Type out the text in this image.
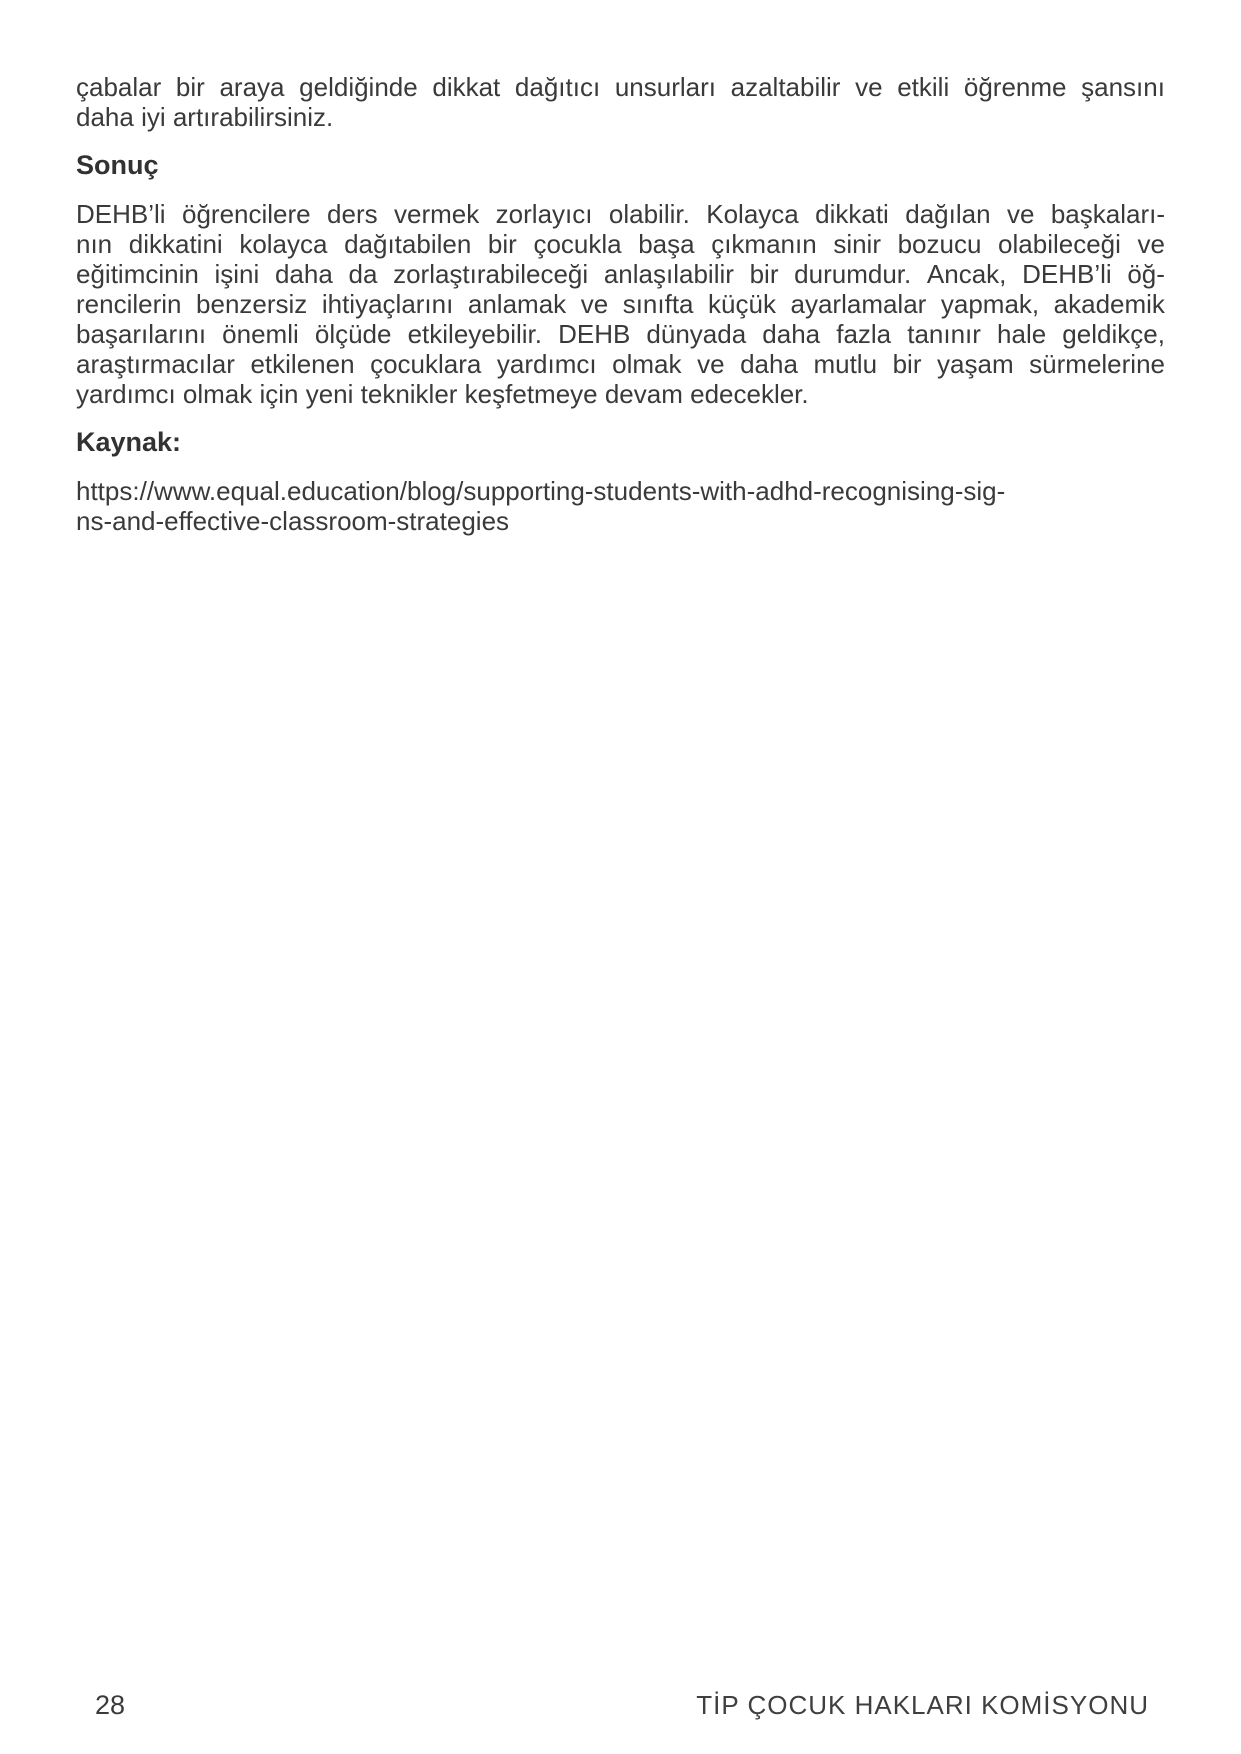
çabalar bir araya geldiğinde dikkat dağıtıcı unsurları azaltabilir ve etkili öğrenme şansını
daha iyi artırabilirsiniz.
Sonuç
DEHB’li öğrencilere ders vermek zorlayıcı olabilir. Kolayca dikkati dağılan ve başkaları-
nın dikkatini kolayca dağıtabilen bir çocukla başa çıkmanın sinir bozucu olabileceği ve
eğitimcinin işini daha da zorlaştırabileceği anlaşılabilir bir durumdur. Ancak, DEHB’li öğ-
rencilerin benzersiz ihtiyaçlarını anlamak ve sınıfta küçük ayarlamalar yapmak, akademik
başarılarını önemli ölçüde etkileyebilir. DEHB dünyada daha fazla tanınır hale geldikçe,
araştırmacılar etkilenen çocuklara yardımcı olmak ve daha mutlu bir yaşam sürmelerine
yardımcı olmak için yeni teknikler keşfetmeye devam edecekler.
Kaynak:
https://www.equal.education/blog/supporting-students-with-adhd-recognising-sig-
ns-and-effective-classroom-strategies
28	TİP ÇOCUK HAKLARI KOMİSYONU
